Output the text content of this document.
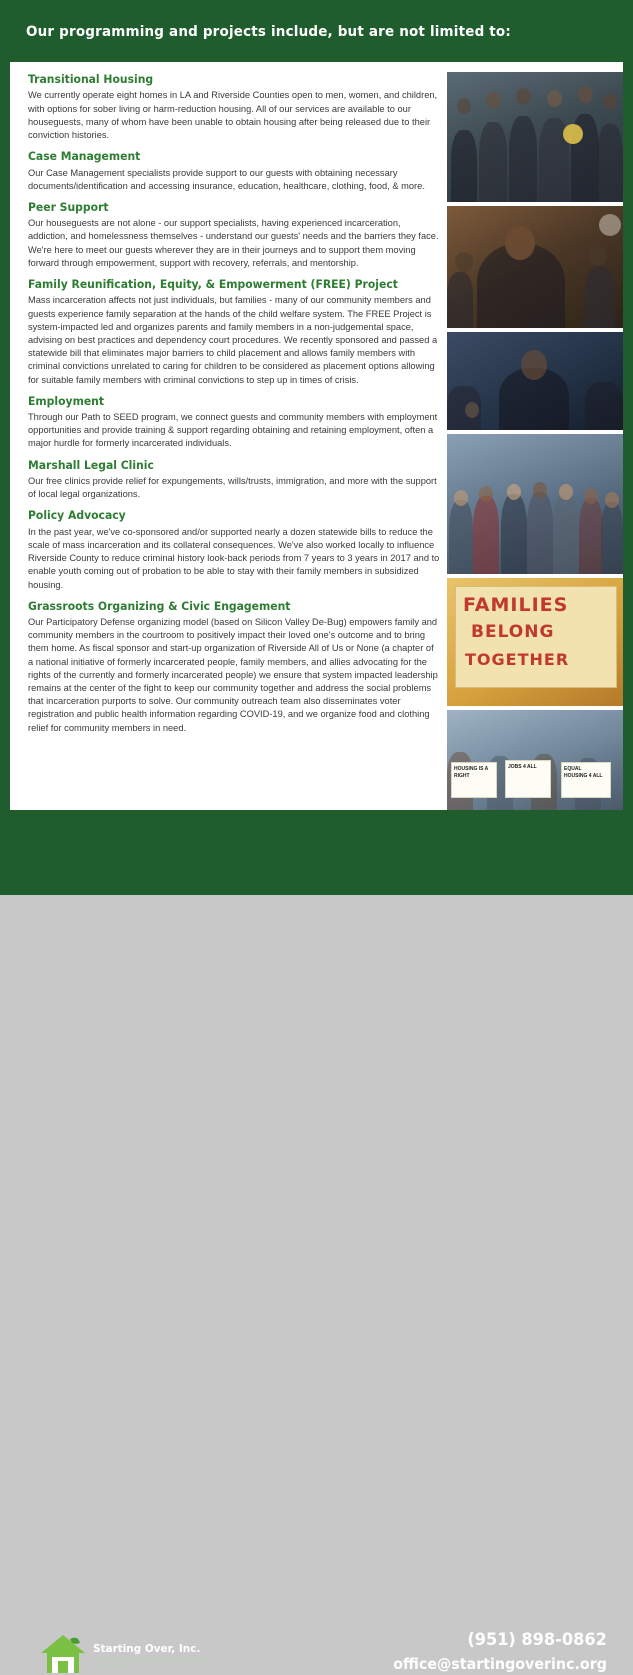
Our programming and projects include, but are not limited to:
Transitional Housing

We currently operate eight homes in LA and Riverside Counties open to men, women, and children, with options for sober living or harm-reduction housing. All of our services are available to our houseguests, many of whom have been unable to obtain housing after being released due to their conviction histories.

Case Management

Our Case Management specialists provide support to our guests with obtaining necessary documents/identification and accessing insurance, education, healthcare, clothing, food, & more.

Peer Support

Our houseguests are not alone - our support specialists, having experienced incarceration, addiction, and homelessness themselves - understand our guests' needs and the barriers they face. We're here to meet our guests wherever they are in their journeys and to support them moving forward through empowerment, support with recovery, referrals, and mentorship.

Family Reunification, Equity, & Empowerment (FREE) Project

Mass incarceration affects not just individuals, but families - many of our community members and guests experience family separation at the hands of the child welfare system. The FREE Project is system-impacted led and organizes parents and family members in a non-judgemental space, advising on best practices and dependency court procedures. We recently sponsored and passed a statewide bill that eliminates major barriers to child placement and allows family members with criminal convictions unrelated to caring for children to be considered as placement options allowing for suitable family members with criminal convictions to step up in times of crisis.

Employment

Through our Path to SEED program, we connect guests and community members with employment opportunities and provide training & support regarding obtaining and retaining employment, often a major hurdle for formerly incarcerated individuals.

Marshall Legal Clinic

Our free clinics provide relief for expungements, wills/trusts, immigration, and more with the support of local legal organizations.

Policy Advocacy

In the past year, we've co-sponsored and/or supported nearly a dozen statewide bills to reduce the scale of mass incarceration and its collateral consequences. We've also worked locally to influence Riverside County to reduce criminal history look-back periods from 7 years to 3 years in 2017 and to enable youth coming out of probation to be able to stay with their family members in subsidized housing.

Grassroots Organizing & Civic Engagement

Our Participatory Defense organizing model (based on Silicon Valley De-Bug) empowers family and community members in the courtroom to positively impact their loved one's outcome and to bring them home. As fiscal sponsor and start-up organization of Riverside All of Us or None (a chapter of a national initiative of formerly incarcerated people, family members, and allies advocating for the rights of the currently and formerly incarcerated people) we ensure that system impacted leadership remains at the center of the fight to keep our community together and address the social problems that incarceration purports to solve. Our community outreach team also disseminates voter registration and public health information regarding COVID-19, and we organize food and clothing relief for community members in need.

FAMILIES
BELONG
TOGETHER
HOUSING IS A RIGHT
JOBS 4 ALL	EQUAL HOUSING 4 ALL
Starting Over, Inc.
Transitional Housing, Reentry Services, Policy Advocacy & Civic Engagement
(951) 898-0862
office@startingoverinc.org
